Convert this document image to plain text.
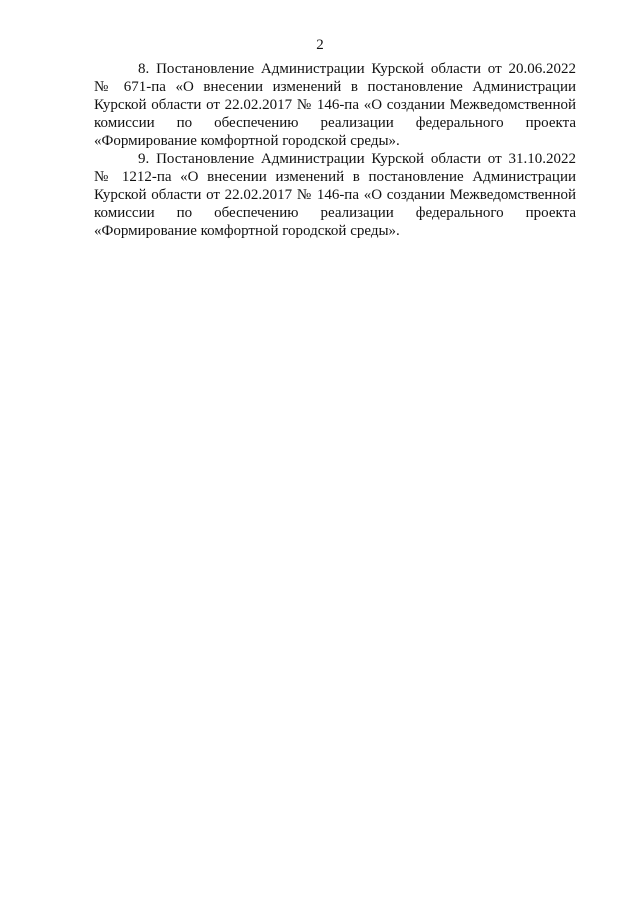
2
8. Постановление Администрации Курской области от 20.06.2022
№ 671-па «О внесении изменений в постановление Администрации
Курской области от 22.02.2017 № 146-па «О создании Межведомственной
комиссии по обеспечению реализации федерального проекта
«Формирование комфортной городской среды».
9. Постановление Администрации Курской области от 31.10.2022
№ 1212-па «О внесении изменений в постановление Администрации
Курской области от 22.02.2017 № 146-па «О создании Межведомственной
комиссии по обеспечению реализации федерального проекта
«Формирование комфортной городской среды».
